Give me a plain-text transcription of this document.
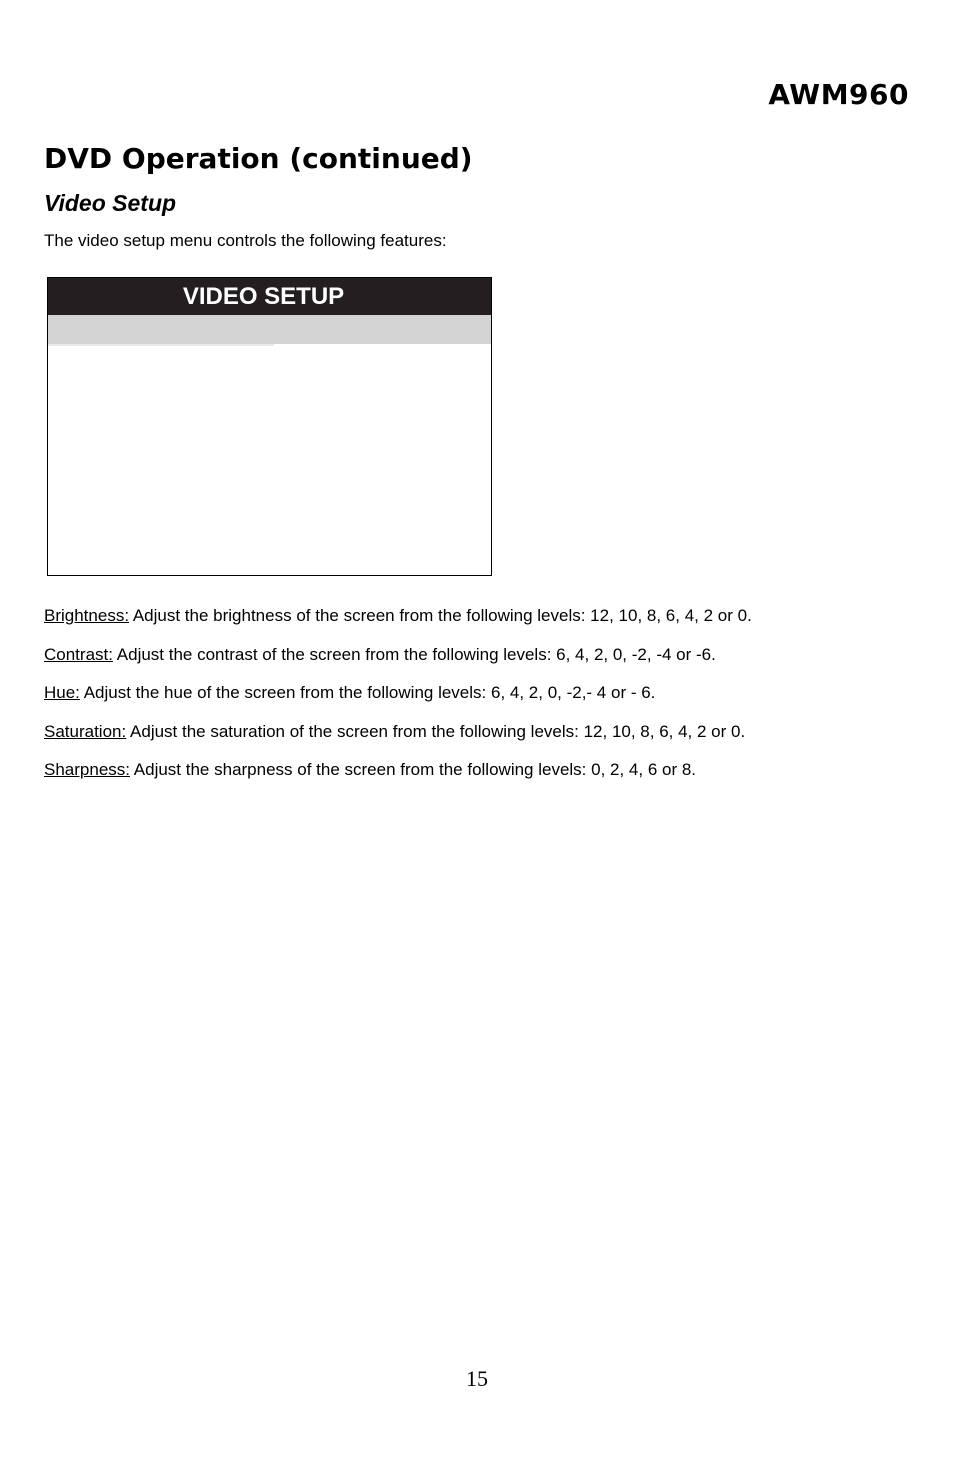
AWM960
DVD Operation (continued)
Video Setup

The video setup menu controls the following features:

VIDEO SETUP
Brightness: Adjust the brightness of the screen from the following levels: 12, 10, 8, 6, 4, 2 or 0.
Contrast: Adjust the contrast of the screen from the following levels: 6, 4, 2, 0, -2, -4 or -6.
Hue: Adjust the hue of the screen from the following levels: 6, 4, 2, 0, -2,- 4 or - 6.
Saturation: Adjust the saturation of the screen from the following levels: 12, 10, 8, 6, 4, 2 or 0.
Sharpness: Adjust the sharpness of the screen from the following levels: 0, 2, 4, 6 or 8.
15
